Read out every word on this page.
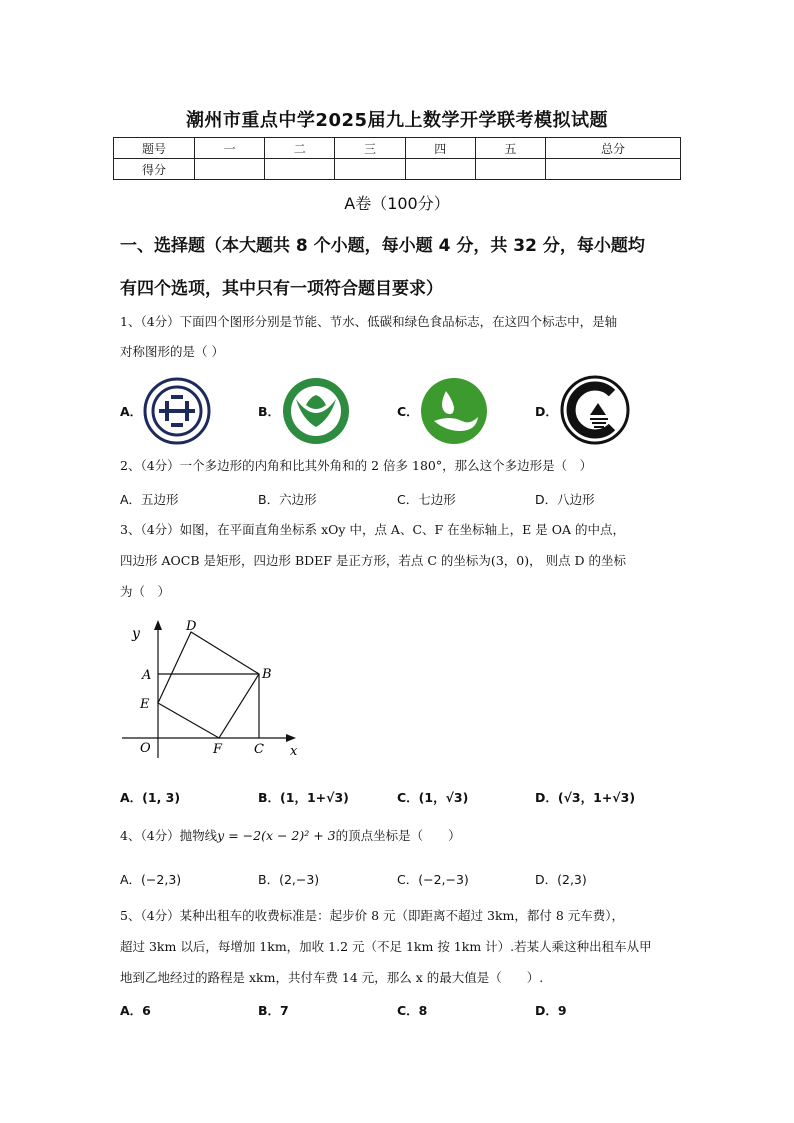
潮州市重点中学2025届九上数学开学联考模拟试题
题号	一	二	三	四	五	总分
得分						
A卷（100分）
一、选择题（本大题共 8 个小题，每小题 4 分，共 32 分，每小题均
有四个选项，其中只有一项符合题目要求）
1、（4分）下面四个图形分别是节能、节水、低碳和绿色食品标志，在这四个标志中，是轴
对称图形的是（ ）
A．	B．	C．	D．
2、（4分）一个多边形的内角和比其外角和的 2 倍多 180°，那么这个多边形是（　）
A．五边形	B．六边形	C．七边形	D．八边形
3、（4分）如图，在平面直角坐标系 xOy 中，点 A、C、F 在坐标轴上，E 是 OA 的中点，
四边形 AOCB 是矩形，四边形 BDEF 是正方形，若点 C 的坐标为(3，0)， 则点 D 的坐标
为（　）
y	D
A	B
E
O	F C x
A．(1, 3)	B．(1，1+√3)	C．(1，√3)	D．(√3，1+√3)
4、（4分）抛物线y = −2(x − 2)² + 3的顶点坐标是（　　）
A．(−2,3)	B．(2,−3)	C．(−2,−3)	D．(2,3)
5、（4分）某种出租车的收费标准是：起步价 8 元（即距离不超过 3km，都付 8 元车费），
超过 3km 以后，每增加 1km，加收 1.2 元（不足 1km 按 1km 计）.若某人乘这种出租车从甲
地到乙地经过的路程是 xkm，共付车费 14 元，那么 x 的最大值是（　　）.
A．6	B．7	C．8	D．9
